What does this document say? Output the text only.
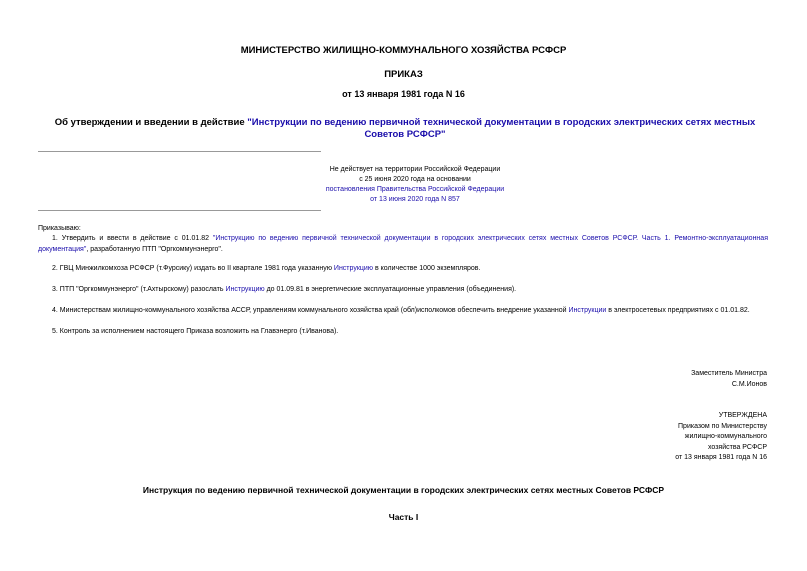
МИНИСТЕРСТВО ЖИЛИЩНО-КОММУНАЛЬНОГО ХОЗЯЙСТВА РСФСР
ПРИКАЗ
от 13 января 1981 года N 16
Об утверждении и введении в действие "Инструкции по ведению первичной технической документации в городских электрических сетях местных Советов РСФСР"
Не действует на территории Российской Федерации
с 25 июня 2020 года на основании
постановления Правительства Российской Федерации
от 13 июня 2020 года N 857
Приказываю:
1. Утвердить и ввести в действие с 01.01.82 "Инструкцию по ведению первичной технической документации в городских электрических сетях местных Советов РСФСР. Часть 1. Ремонтно-эксплуатационная документация", разработанную ПТП "Оргкоммунэнерго".
2. ГВЦ Минжилкомхоза РСФСР (т.Фурсику) издать во II квартале 1981 года указанную Инструкцию в количестве 1000 экземпляров.
3. ПТП "Оргкоммунэнерго" (т.Ахтырскому) разослать Инструкцию до 01.09.81 в энергетические эксплуатационные управления (объединения).
4. Министерствам жилищно-коммунального хозяйства АССР, управлениям коммунального хозяйства край (обл)исполкомов обеспечить внедрение указанной Инструкции в электросетевых предприятиях с 01.01.82.
5. Контроль за исполнением настоящего Приказа возложить на Главэнерго (т.Иванова).
Заместитель Министра
С.М.Ионов
УТВЕРЖДЕНА
Приказом по Министерству
жилищно-коммунального
хозяйства РСФСР
от 13 января 1981 года N 16
Инструкция по ведению первичной технической документации в городских электрических сетях местных Советов РСФСР
Часть I
